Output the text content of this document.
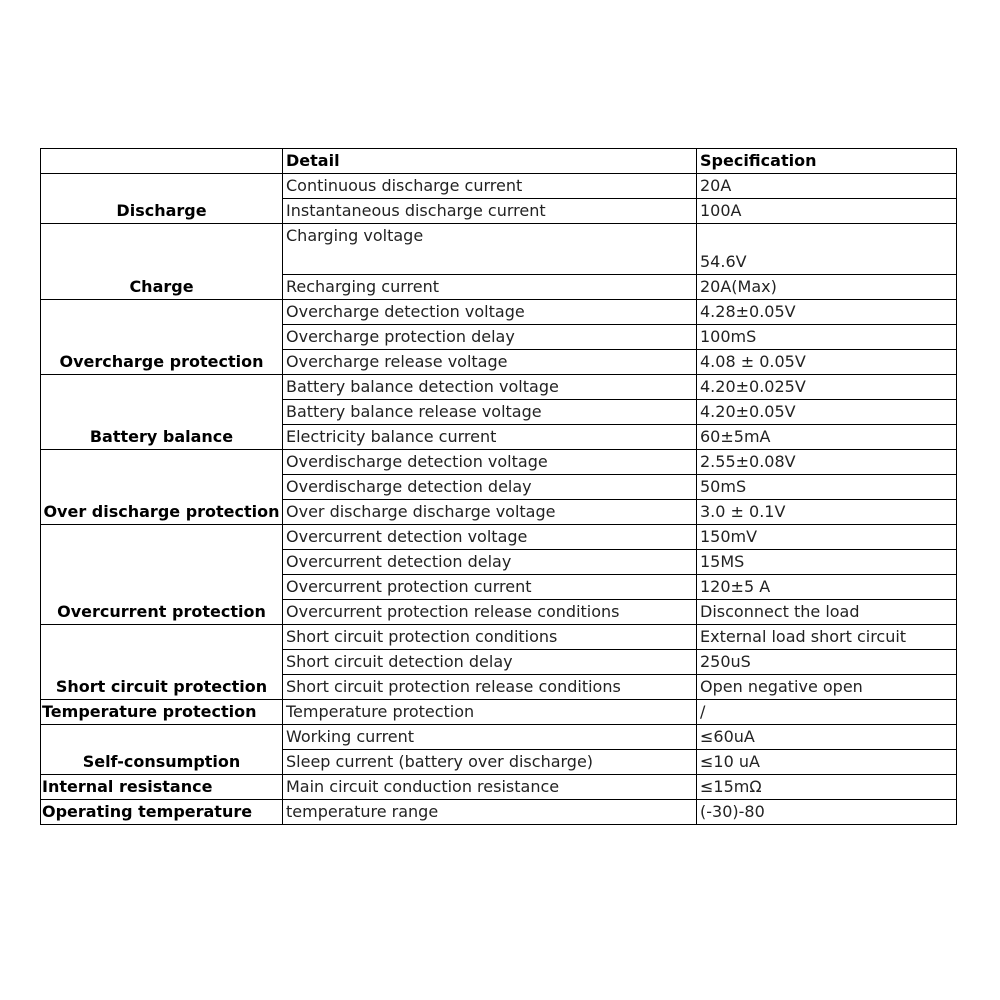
	Detail	Specification
Discharge	Continuous discharge current	20A
	Instantaneous discharge current	100A
Charge	Charging voltage	54.6V
	Recharging current	20A(Max)
Overcharge protection	Overcharge detection voltage	4.28±0.05V
	Overcharge protection delay	100mS
	Overcharge release voltage	4.08 ± 0.05V
Battery balance	Battery balance detection voltage	4.20±0.025V
	Battery balance release voltage	4.20±0.05V
	Electricity balance current	60±5mA
Over discharge protection	Overdischarge detection voltage	2.55±0.08V
	Overdischarge detection delay	50mS
	Over discharge discharge voltage	3.0 ± 0.1V
Overcurrent protection	Overcurrent detection voltage	150mV
	Overcurrent detection delay	15MS
	Overcurrent protection current	120±5 A
	Overcurrent protection release conditions	Disconnect the load
Short circuit protection	Short circuit protection conditions	External load short circuit
	Short circuit detection delay	250uS
	Short circuit protection release conditions	Open negative open
Temperature protection	Temperature protection	/
Self-consumption	Working current	≤60uA
	Sleep current (battery over discharge)	≤10 uA
Internal resistance	Main circuit conduction resistance	≤15mΩ
Operating temperature	temperature range	(-30)-80
